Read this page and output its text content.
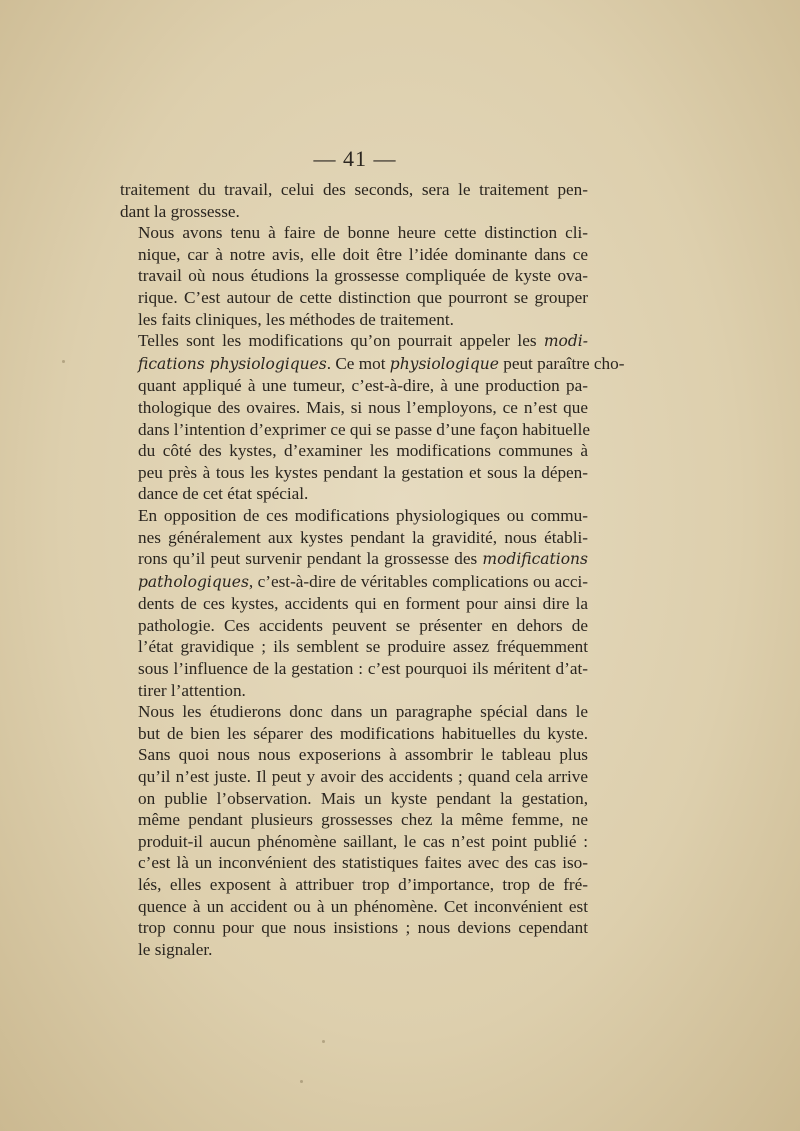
— 41 —
traitement du travail, celui des seconds, sera le traitement pen-
dant la grossesse.
Nous avons tenu à faire de bonne heure cette distinction cli-
nique, car à notre avis, elle doit être l’idée dominante dans ce
travail où nous étudions la grossesse compliquée de kyste ova-
rique. C’est autour de cette distinction que pourront se grouper
les faits cliniques, les méthodes de traitement.
Telles sont les modifications qu’on pourrait appeler les modi-
fications physiologiques. Ce mot physiologique peut paraître cho-
quant appliqué à une tumeur, c’est-à-dire, à une production pa-
thologique des ovaires. Mais, si nous l’employons, ce n’est que
dans l’intention d’exprimer ce qui se passe d’une façon habituelle
du côté des kystes, d’examiner les modifications communes à
peu près à tous les kystes pendant la gestation et sous la dépen-
dance de cet état spécial.
En opposition de ces modifications physiologiques ou commu-
nes généralement aux kystes pendant la gravidité, nous établi-
rons qu’il peut survenir pendant la grossesse des modifications
pathologiques, c’est-à-dire de véritables complications ou acci-
dents de ces kystes, accidents qui en forment pour ainsi dire la
pathologie. Ces accidents peuvent se présenter en dehors de
l’état gravidique ; ils semblent se produire assez fréquemment
sous l’influence de la gestation : c’est pourquoi ils méritent d’at-
tirer l’attention.
Nous les étudierons donc dans un paragraphe spécial dans le
but de bien les séparer des modifications habituelles du kyste.
Sans quoi nous nous exposerions à assombrir le tableau plus
qu’il n’est juste. Il peut y avoir des accidents ; quand cela arrive
on publie l’observation. Mais un kyste pendant la gestation,
même pendant plusieurs grossesses chez la même femme, ne
produit-il aucun phénomène saillant, le cas n’est point publié :
c’est là un inconvénient des statistiques faites avec des cas iso-
lés, elles exposent à attribuer trop d’importance, trop de fré-
quence à un accident ou à un phénomène. Cet inconvénient est
trop connu pour que nous insistions ; nous devions cependant
le signaler.
